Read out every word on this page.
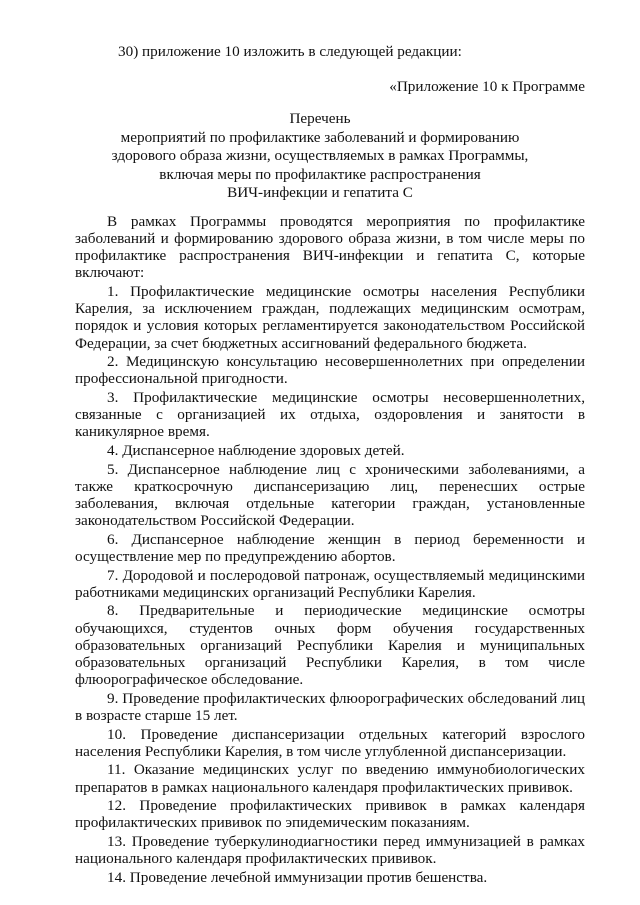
30) приложение 10 изложить в следующей редакции:
«Приложение 10 к Программе
Перечень
мероприятий по профилактике заболеваний и формированию
здорового образа жизни, осуществляемых в рамках Программы,
включая меры по профилактике распространения
ВИЧ-инфекции и гепатита С

В рамках Программы проводятся мероприятия по профилактике заболеваний и формированию здорового образа жизни, в том числе меры по профилактике распространения ВИЧ-инфекции и гепатита С, которые включают:

1. Профилактические медицинские осмотры населения Республики Карелия, за исключением граждан, подлежащих медицинским осмотрам, порядок и условия которых регламентируется законодательством Российской Федерации, за счет бюджетных ассигнований федерального бюджета.

2. Медицинскую консультацию несовершеннолетних при определении профессиональной пригодности.

3. Профилактические медицинские осмотры несовершеннолетних, связанные с организацией их отдыха, оздоровления и занятости в каникулярное время.

4. Диспансерное наблюдение здоровых детей.

5. Диспансерное наблюдение лиц с хроническими заболеваниями, а также краткосрочную диспансеризацию лиц, перенесших острые заболевания, включая отдельные категории граждан, установленные законодательством Российской Федерации.

6. Диспансерное наблюдение женщин в период беременности и осуществление мер по предупреждению абортов.

7. Дородовой и послеродовой патронаж, осуществляемый медицинскими работниками медицинских организаций Республики Карелия.

8. Предварительные и периодические медицинские осмотры обучающихся, студентов очных форм обучения государственных образовательных организаций Республики Карелия и муниципальных образовательных организаций Республики Карелия, в том числе флюорографическое обследование.

9. Проведение профилактических флюорографических обследований лиц в возрасте старше 15 лет.

10. Проведение диспансеризации отдельных категорий взрослого населения Республики Карелия, в том числе углубленной диспансеризации.

11. Оказание медицинских услуг по введению иммунобиологических препаратов в рамках национального календаря профилактических прививок.

12. Проведение профилактических прививок в рамках календаря профилактических прививок по эпидемическим показаниям.

13. Проведение туберкулинодиагностики перед иммунизацией в рамках национального календаря профилактических прививок.

14. Проведение лечебной иммунизации против бешенства.
